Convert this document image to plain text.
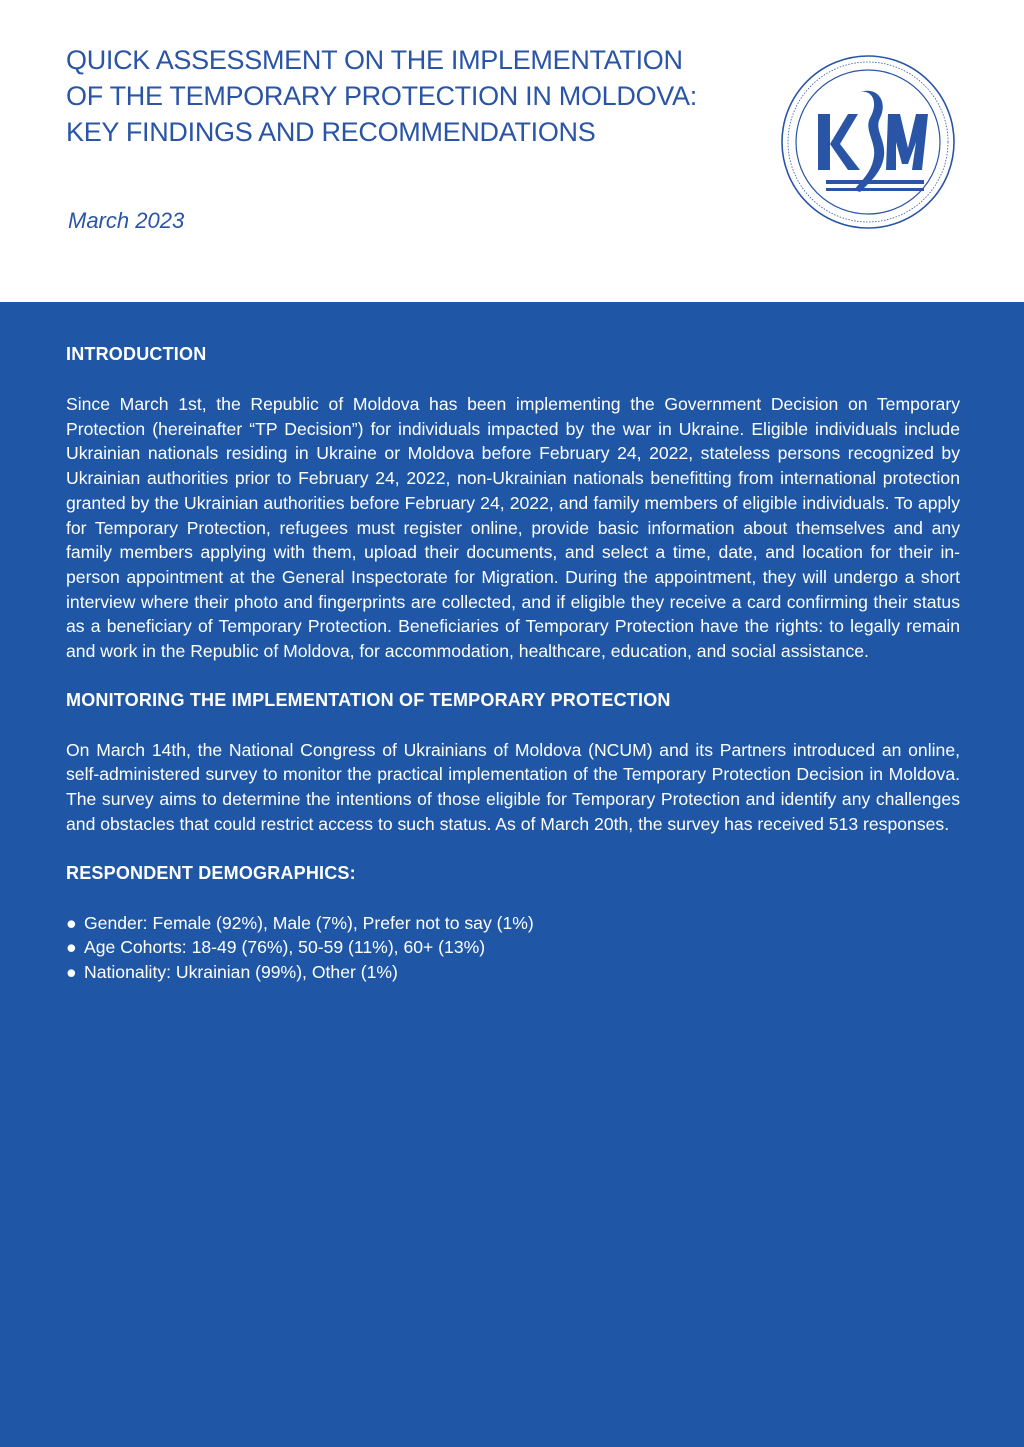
QUICK ASSESSMENT ON THE IMPLEMENTATION
OF THE TEMPORARY PROTECTION IN MOLDOVA:
KEY FINDINGS AND RECOMMENDATIONS
March 2023
INTRODUCTION

Since March 1st, the Republic of Moldova has been implementing the Government Decision on Temporary Protection (hereinafter “TP Decision”) for individuals impacted by the war in Ukraine. Eligible individuals include Ukrainian nationals residing in Ukraine or Moldova before February 24, 2022, stateless persons recognized by Ukrainian authorities prior to February 24, 2022, non-Ukrainian nationals benefitting from international protection granted by the Ukrainian authorities before February 24, 2022, and family members of eligible individuals. To apply for Temporary Protection, refugees must register online, provide basic information about themselves and any family members applying with them, upload their documents, and select a time, date, and location for their in-person appointment at the General Inspectorate for Migration. During the appointment, they will undergo a short interview where their photo and fingerprints are collected, and if eligible they receive a card confirming their status as a beneficiary of Temporary Protection. Beneficiaries of Temporary Protection have the rights: to legally remain and work in the Republic of Moldova, for accommodation, healthcare, education, and social assistance.

MONITORING THE IMPLEMENTATION OF TEMPORARY PROTECTION

On March 14th, the National Congress of Ukrainians of Moldova (NCUM) and its Partners introduced an online, self-administered survey to monitor the practical implementation of the Temporary Protection Decision in Moldova. The survey aims to determine the intentions of those eligible for Temporary Protection and identify any challenges and obstacles that could restrict access to such status. As of March 20th, the survey has received 513 responses.

RESPONDENT DEMOGRAPHICS:
● Gender: Female (92%), Male (7%), Prefer not to say (1%)
● Age Cohorts: 18-49 (76%), 50-59 (11%), 60+ (13%)
● Nationality: Ukrainian (99%), Other (1%)
